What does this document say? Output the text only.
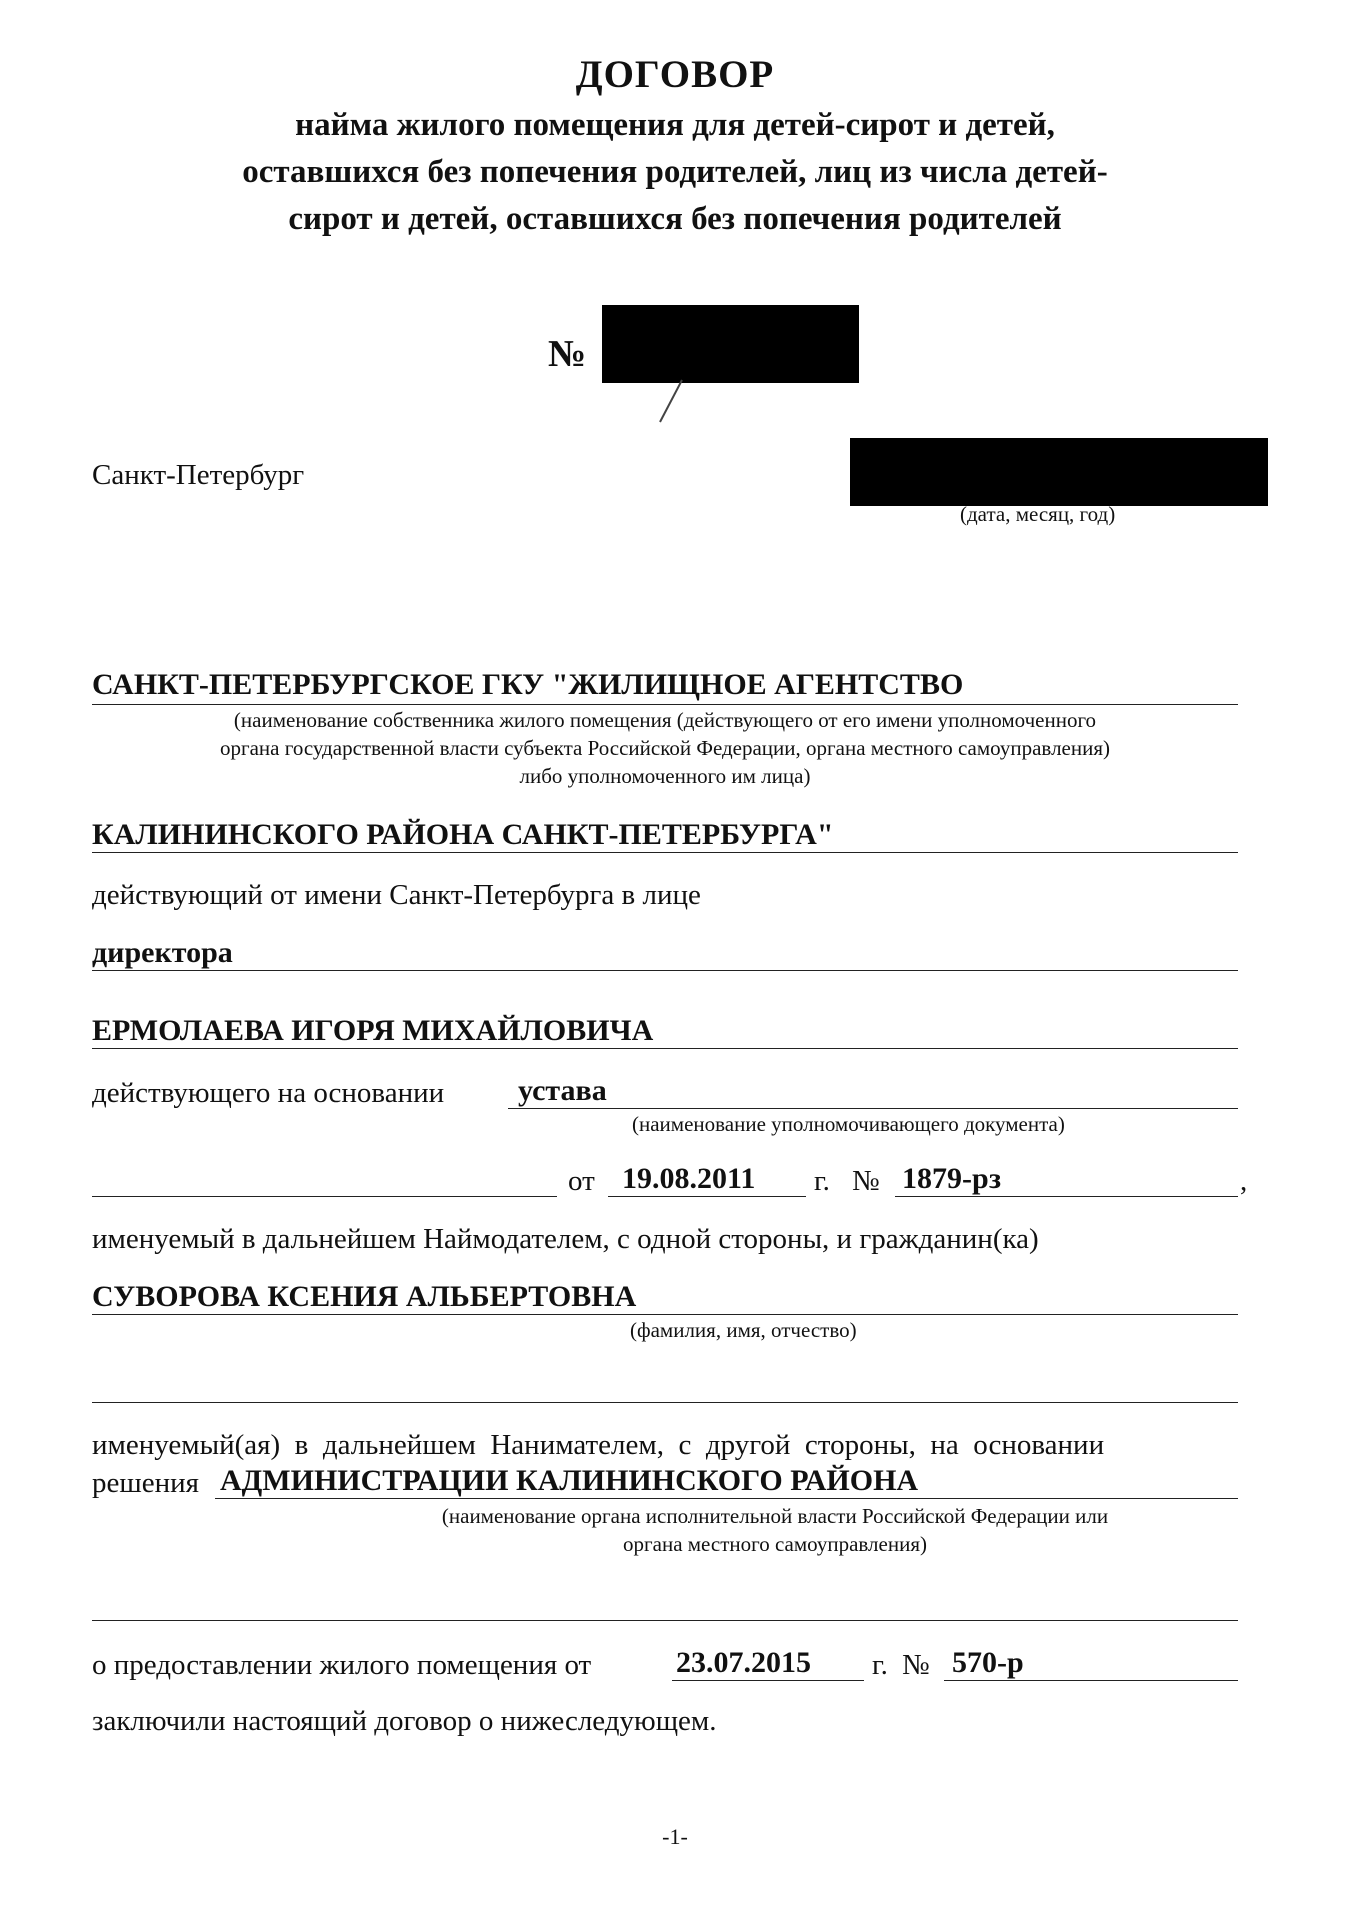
ДОГОВОР
найма жилого помещения для детей-сирот и детей,
оставшихся без попечения родителей, лиц из числа детей-
сирот и детей, оставшихся без попечения родителей
№
Санкт-Петербург
(дата, месяц, год)
САНКТ-ПЕТЕРБУРГСКОЕ ГКУ "ЖИЛИЩНОЕ АГЕНТСТВО
(наименование собственника жилого помещения (действующего от его имени уполномоченного
органа государственной власти субъекта Российской Федерации, органа местного самоуправления)
либо уполномоченного им лица)
КАЛИНИНСКОГО РАЙОНА САНКТ-ПЕТЕРБУРГА"
действующий от имени Санкт-Петербурга в лице
директора
ЕРМОЛАЕВА ИГОРЯ МИХАЙЛОВИЧА
действующего на основании устава
(наименование уполномочивающего документа)
от 19.08.2011 г. № 1879-рз	,
именуемый в дальнейшем Наймодателем, с одной стороны, и гражданин(ка)
СУВОРОВА КСЕНИЯ АЛЬБЕРТОВНА
(фамилия, имя, отчество)
именуемый(ая)  в  дальнейшем  Нанимателем,  с  другой  стороны,  на  основании
решения АДМИНИСТРАЦИИ КАЛИНИНСКОГО РАЙОНА
(наименование органа исполнительной власти Российской Федерации или
органа местного самоуправления)
о предоставлении жилого помещения от	23.07.2015 г. № 570-р
заключили настоящий договор о нижеследующем.
-1-
